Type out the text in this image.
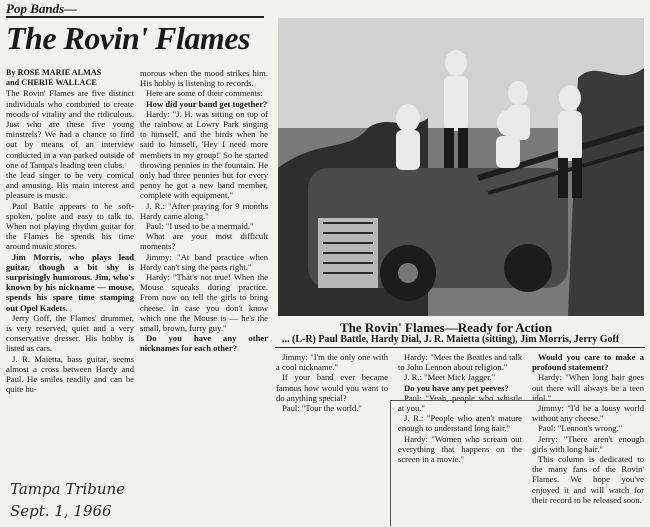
Pop Bands—
The Rovin' Flames

By ROSE MARIE ALMAS

and CHERIE WALLACE

The Rovin' Flames are five distinct individuals who combined to create moods of vitality and the ridiculous. Just who are these five young minstrels? We had a chance to find out by means of an interview conducted in a van parked outside of one of Tampa's leading teen clubs.

the lead singer to be very comical and amusing. His main interest and pleasure is music.

Paul Battle appears to be soft-spoken, polite and easy to talk to. When not playing rhythm guitar for the Flames he spends his time around music stores.

Jim Morris, who plays lead guitar, though a bit shy is surprisingly humorous. Jim, who's known by his nickname — mouse, spends his spare time stamping out Opel Kadets.

Jerry Goff, the Flames' drummer, is very reserved, quiet and a very conservative dresser. His hobby is listed as cars.

J. R. Maietta, bass guitar, seems almost a cross between Hardy and Paul. He smiles readily and can be quite hu-

morous when the mood strikes him. His hobby is listening to records.

Here are some of their comments:

How did your band get together?

Hardy: "J. H. was sitting on top of the rainbow at Lowry Park singing to himself, and the birds when he said to himself, 'Hey I need more members in my group!' So he started throwing pennies in the fountain. He only had three pennies but for every penny he got a new band member, complete with equipment."

J. R.: "After praying for 9 months Hardy came along."

Paul: "I used to be a mermaid."

What are your most difficult moments?

Jimmy: "At band practice when Hardy can't sing the parts right."

Hardy: "That's not true! When the Mouse squeaks during practice. From now on tell the girls to bring cheese. In case you don't know which one the Mouse is — he's the small, brown, furry guy."

Do you have any other nicknames for each other?

The Rovin' Flames—Ready for Action
... (L-R) Paul Battle, Hardy Dial, J. R. Maietta (sitting), Jim Morris, Jerry Goff

Jimmy: "I'm the only one with a cool nickname."

If your band ever became famous how would you want to do anything special?

Paul: "Tour the world."

Hardy: "Meet the Beatles and talk to John Lennon about religion."

J. R.: "Meet Mick Jagger."

Do you have any pet peeves?

Paul: "Yeah, people who whistle at you."

J. R.: "People who aren't mature enough to understand long hair."

Hardy: "Women who scream out everything that happens on the screen in a movie."

Would you care to make a profound statement?

Hardy: "When long hair goes out there will always be a teen idol."

Jimmy: "I'd be a lousy world without any cheese."

Paul: "Lennon's wrong."

Jerry: "There aren't enough girls with long hair."

This column is dedicated to the many fans of the Rovin' Flames. We hope you've enjoyed it and will watch for their record to be released soon.

Tampa Tribune
Sept. 1, 1966
